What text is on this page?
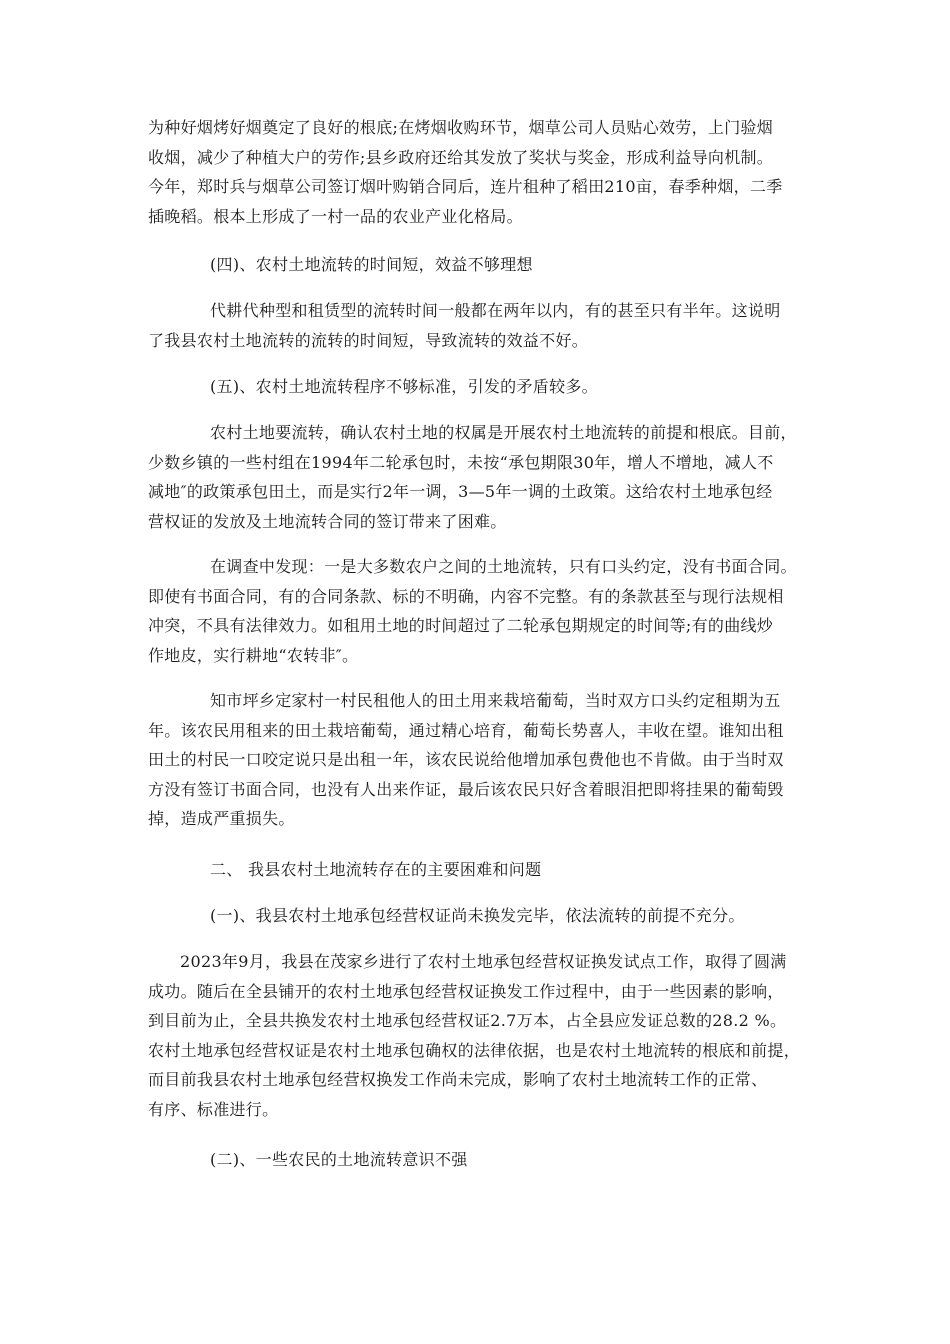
为种好烟烤好烟奠定了良好的根底;在烤烟收购环节，烟草公司人员贴心效劳，上门验烟
收烟，减少了种植大户的劳作;县乡政府还给其发放了奖状与奖金，形成利益导向机制。
今年，郑时兵与烟草公司签订烟叶购销合同后，连片租种了稻田210亩，春季种烟，二季
插晚稻。根本上形成了一村一品的农业产业化格局。
(四)、农村土地流转的时间短，效益不够理想
代耕代种型和租赁型的流转时间一般都在两年以内，有的甚至只有半年。这说明
了我县农村土地流转的流转的时间短，导致流转的效益不好。
(五)、农村土地流转程序不够标准，引发的矛盾较多。
农村土地要流转，确认农村土地的权属是开展农村土地流转的前提和根底。目前，
少数乡镇的一些村组在1994年二轮承包时，未按“承包期限30年，增人不增地，减人不
减地″的政策承包田土，而是实行2年一调，3—5年一调的土政策。这给农村土地承包经
营权证的发放及土地流转合同的签订带来了困难。
在调查中发现：一是大多数农户之间的土地流转，只有口头约定，没有书面合同。
即使有书面合同，有的合同条款、标的不明确，内容不完整。有的条款甚至与现行法规相
冲突，不具有法律效力。如租用土地的时间超过了二轮承包期规定的时间等;有的曲线炒
作地皮，实行耕地“农转非″。
知市坪乡定家村一村民租他人的田土用来栽培葡萄，当时双方口头约定租期为五
年。该农民用租来的田土栽培葡萄，通过精心培育，葡萄长势喜人，丰收在望。谁知出租
田土的村民一口咬定说只是出租一年，该农民说给他增加承包费他也不肯做。由于当时双
方没有签订书面合同，也没有人出来作证，最后该农民只好含着眼泪把即将挂果的葡萄毁
掉，造成严重损失。
二、 我县农村土地流转存在的主要困难和问题
(一)、我县农村土地承包经营权证尚未换发完毕，依法流转的前提不充分。
2023年9月，我县在茂家乡进行了农村土地承包经营权证换发试点工作，取得了圆满
成功。随后在全县铺开的农村土地承包经营权证换发工作过程中，由于一些因素的影响，
到目前为止，全县共换发农村土地承包经营权证2.7万本，占全县应发证总数的28.2 %。
农村土地承包经营权证是农村土地承包确权的法律依据，也是农村土地流转的根底和前提，
而目前我县农村土地承包经营权换发工作尚未完成，影响了农村土地流转工作的正常、
有序、标准进行。
(二)、一些农民的土地流转意识不强
